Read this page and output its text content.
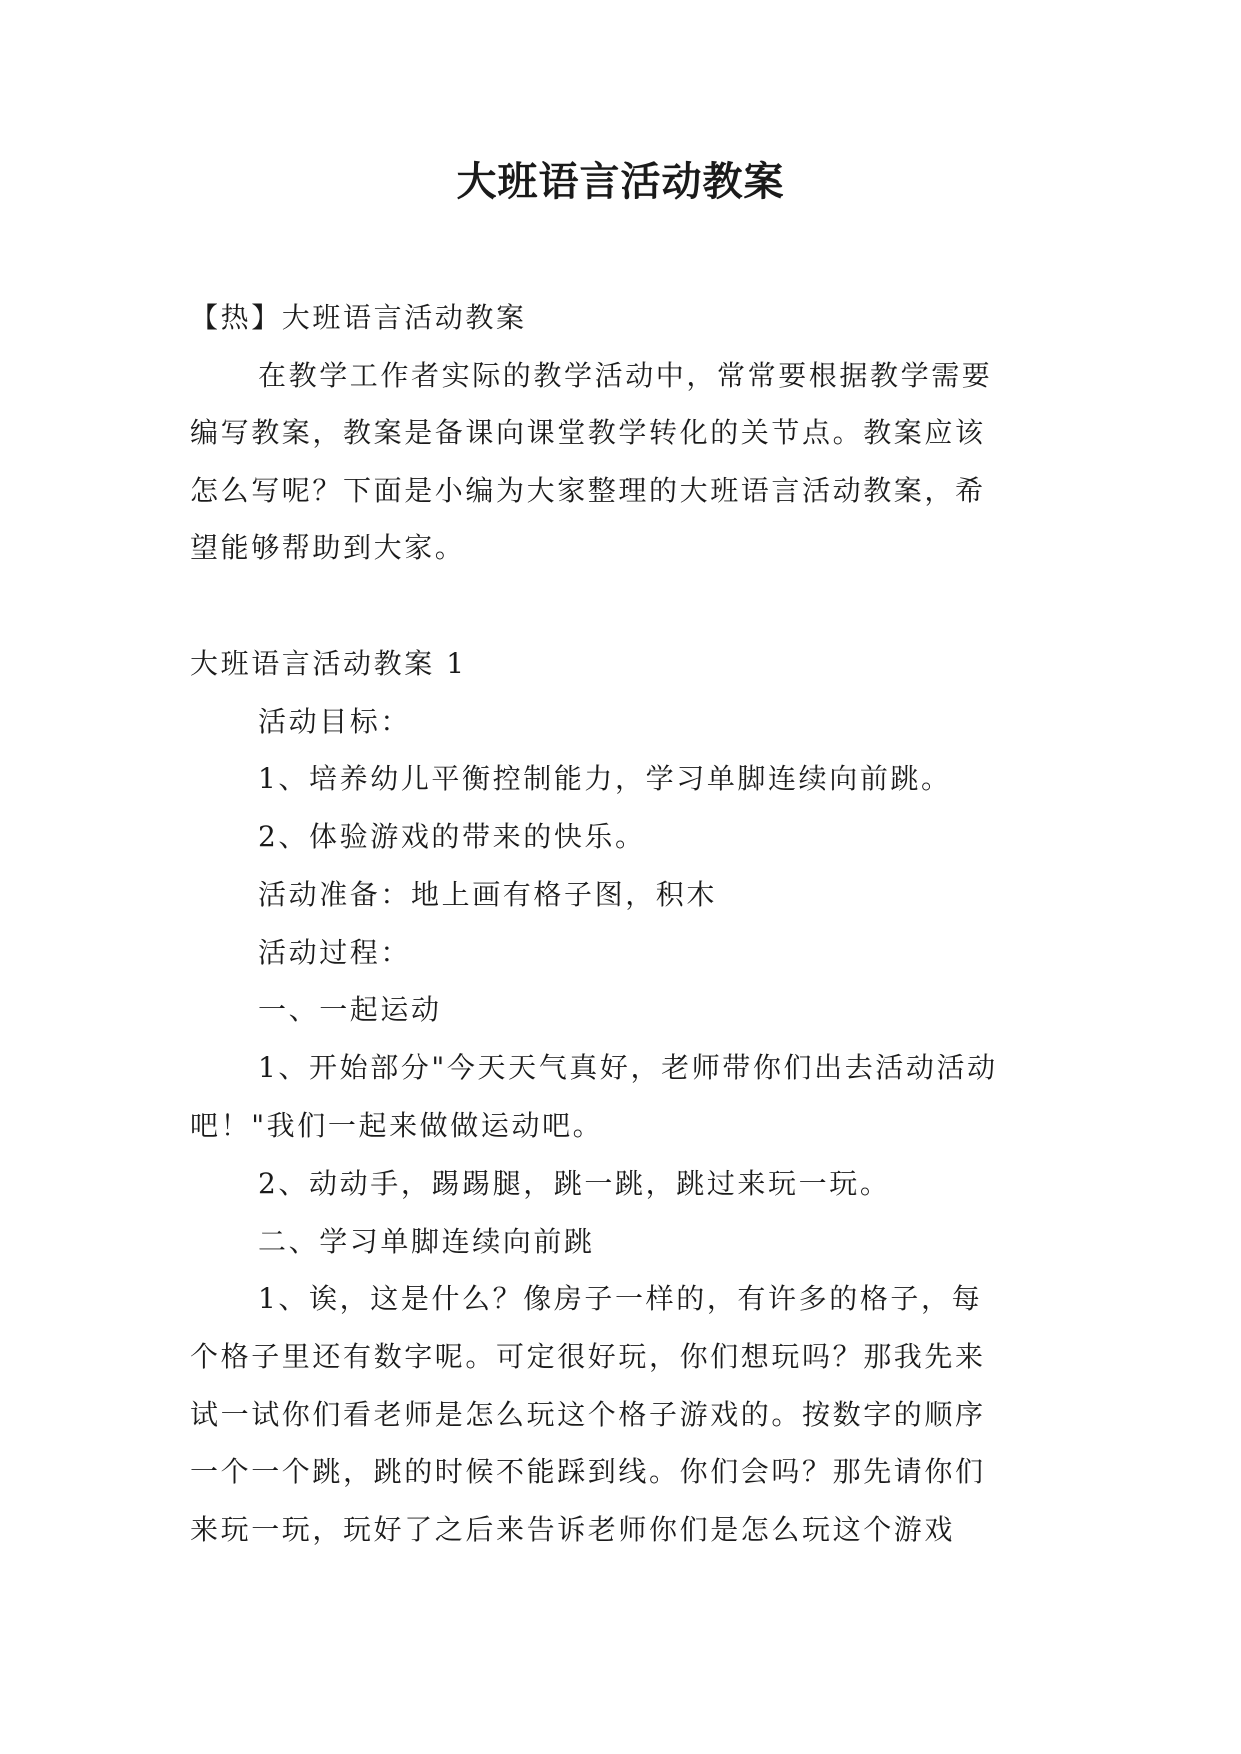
大班语言活动教案
【热】大班语言活动教案
在教学工作者实际的教学活动中，常常要根据教学需要
编写教案，教案是备课向课堂教学转化的关节点。教案应该
怎么写呢？下面是小编为大家整理的大班语言活动教案，希
望能够帮助到大家。
大班语言活动教案 1
活动目标：
1、培养幼儿平衡控制能力，学习单脚连续向前跳。
2、体验游戏的带来的快乐。
活动准备：地上画有格子图，积木
活动过程：
一、一起运动
1、开始部分"今天天气真好，老师带你们出去活动活动
吧！"我们一起来做做运动吧。
2、动动手，踢踢腿，跳一跳，跳过来玩一玩。
二、学习单脚连续向前跳
1、诶，这是什么？像房子一样的，有许多的格子，每
个格子里还有数字呢。可定很好玩，你们想玩吗？那我先来
试一试你们看老师是怎么玩这个格子游戏的。按数字的顺序
一个一个跳，跳的时候不能踩到线。你们会吗？那先请你们
来玩一玩，玩好了之后来告诉老师你们是怎么玩这个游戏
